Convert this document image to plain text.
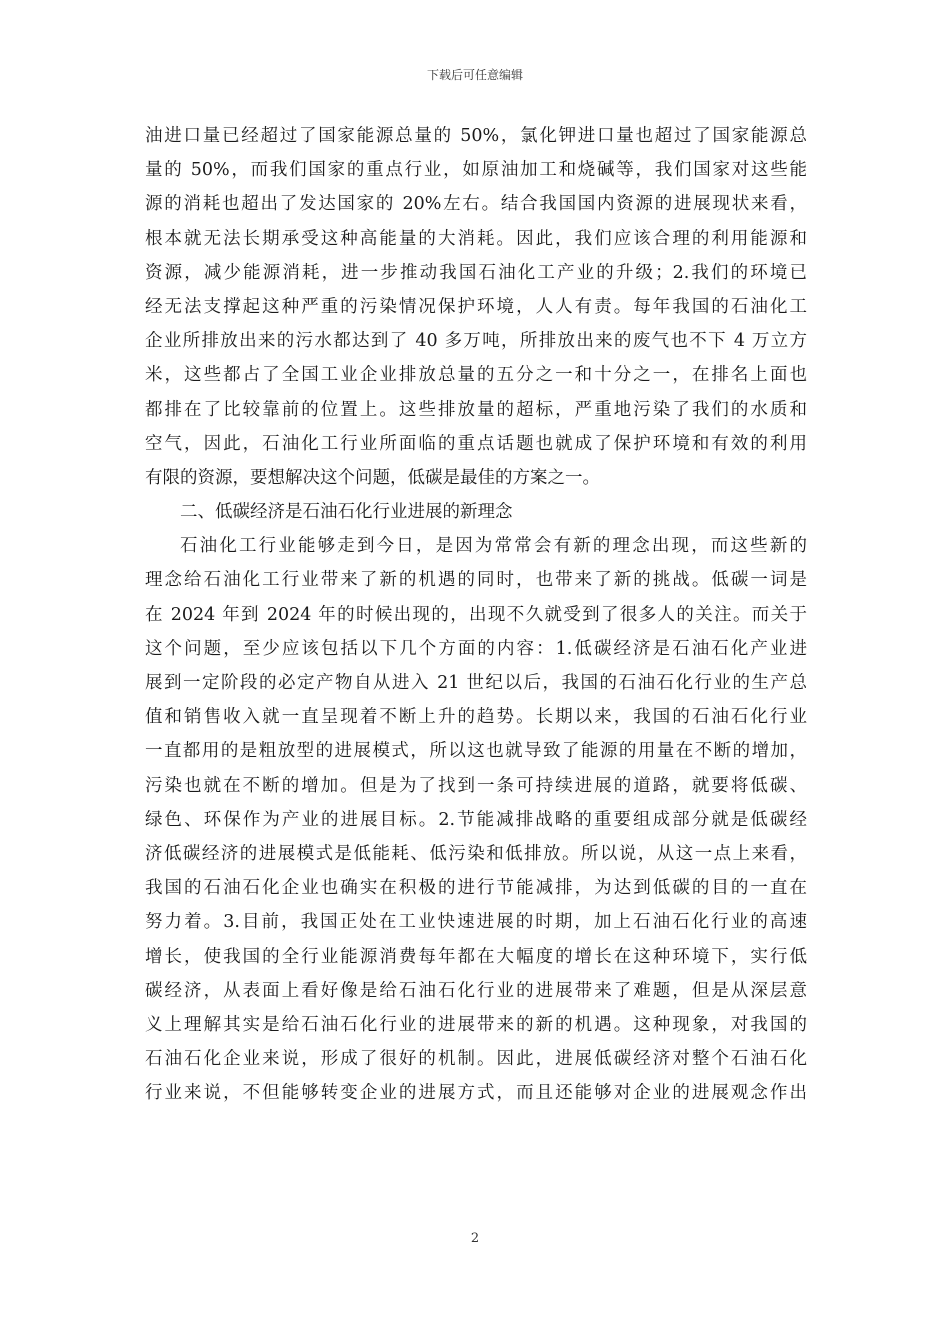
下载后可任意编辑
油进口量已经超过了国家能源总量的 50%，氯化钾进口量也超过了国家能源总
量的 50%，而我们国家的重点行业，如原油加工和烧碱等，我们国家对这些能
源的消耗也超出了发达国家的 20%左右。结合我国国内资源的进展现状来看，
根本就无法长期承受这种高能量的大消耗。因此，我们应该合理的利用能源和
资源，减少能源消耗，进一步推动我国石油化工产业的升级；2.我们的环境已
经无法支撑起这种严重的污染情况保护环境，人人有责。每年我国的石油化工
企业所排放出来的污水都达到了 40 多万吨，所排放出来的废气也不下 4 万立方
米，这些都占了全国工业企业排放总量的五分之一和十分之一，在排名上面也
都排在了比较靠前的位置上。这些排放量的超标，严重地污染了我们的水质和
空气，因此，石油化工行业所面临的重点话题也就成了保护环境和有效的利用
有限的资源，要想解决这个问题，低碳是最佳的方案之一。
二、低碳经济是石油石化行业进展的新理念
石油化工行业能够走到今日，是因为常常会有新的理念出现，而这些新的
理念给石油化工行业带来了新的机遇的同时，也带来了新的挑战。低碳一词是
在 2024 年到 2024 年的时候出现的，出现不久就受到了很多人的关注。而关于
这个问题，至少应该包括以下几个方面的内容：1.低碳经济是石油石化产业进
展到一定阶段的必定产物自从进入 21 世纪以后，我国的石油石化行业的生产总
值和销售收入就一直呈现着不断上升的趋势。长期以来，我国的石油石化行业
一直都用的是粗放型的进展模式，所以这也就导致了能源的用量在不断的增加，
污染也就在不断的增加。但是为了找到一条可持续进展的道路，就要将低碳、
绿色、环保作为产业的进展目标。2.节能减排战略的重要组成部分就是低碳经
济低碳经济的进展模式是低能耗、低污染和低排放。所以说，从这一点上来看，
我国的石油石化企业也确实在积极的进行节能减排，为达到低碳的目的一直在
努力着。3.目前，我国正处在工业快速进展的时期，加上石油石化行业的高速
增长，使我国的全行业能源消费每年都在大幅度的增长在这种环境下，实行低
碳经济，从表面上看好像是给石油石化行业的进展带来了难题，但是从深层意
义上理解其实是给石油石化行业的进展带来的新的机遇。这种现象，对我国的
石油石化企业来说，形成了很好的机制。因此，进展低碳经济对整个石油石化
行业来说，不但能够转变企业的进展方式，而且还能够对企业的进展观念作出
2
